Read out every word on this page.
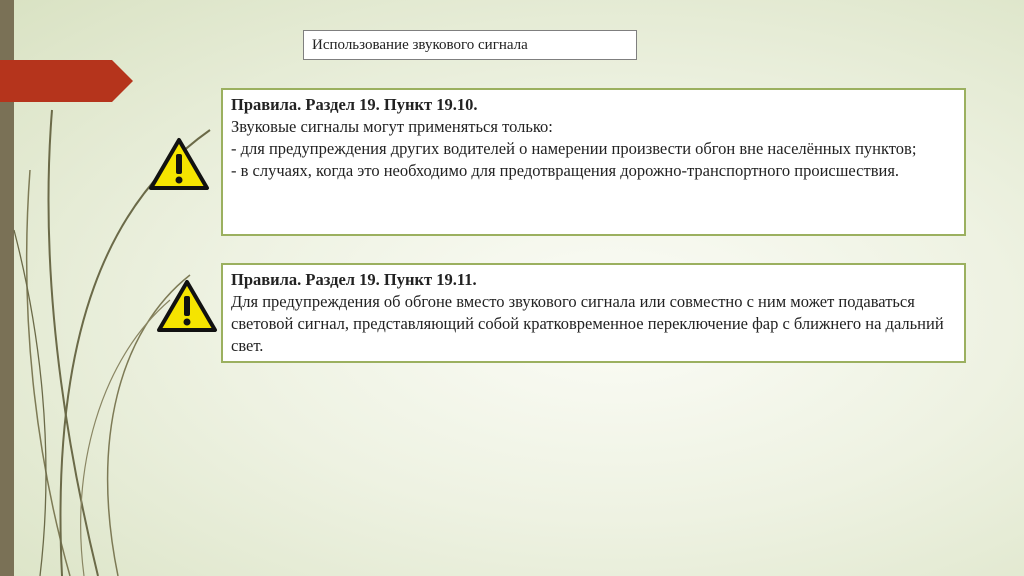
Использование звукового сигнала
Правила. Раздел 19. Пункт 19.10.
Звуковые сигналы могут применяться только:
- для предупреждения других водителей о намерении произвести обгон вне населённых пунктов;
- в случаях, когда это необходимо для предотвращения дорожно-транспортного происшествия.
Правила. Раздел 19. Пункт 19.11.
Для предупреждения об обгоне вместо звукового сигнала или совместно с ним может подаваться световой сигнал, представляющий собой кратковременное переключение фар с ближнего на дальний свет.
